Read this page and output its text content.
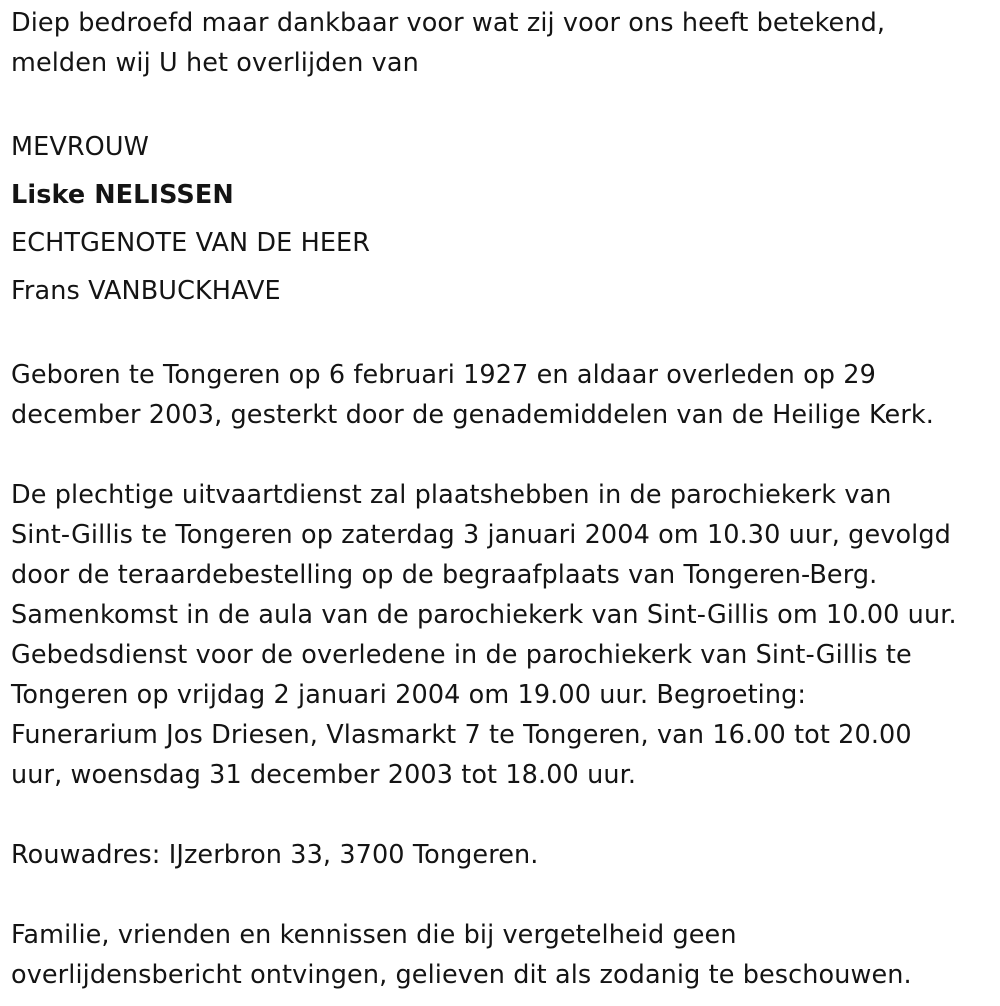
Diep bedroefd maar dankbaar voor wat zij voor ons heeft betekend,

melden wij U het overlijden van

MEVROUW

Liske NELISSEN

ECHTGENOTE VAN DE HEER

Frans VANBUCKHAVE

Geboren te Tongeren op 6 februari 1927 en aldaar overleden op 29

december 2003, gesterkt door de genademiddelen van de Heilige Kerk.

De plechtige uitvaartdienst zal plaatshebben in de parochiekerk van

Sint-Gillis te Tongeren op zaterdag 3 januari 2004 om 10.30 uur, gevolgd

door de teraardebestelling op de begraafplaats van Tongeren-Berg.

Samenkomst in de aula van de parochiekerk van Sint-Gillis om 10.00 uur.

Gebedsdienst voor de overledene in de parochiekerk van Sint-Gillis te

Tongeren op vrijdag 2 januari 2004 om 19.00 uur. Begroeting:

Funerarium Jos Driesen, Vlasmarkt 7 te Tongeren, van 16.00 tot 20.00

uur, woensdag 31 december 2003 tot 18.00 uur.

Rouwadres: IJzerbron 33, 3700 Tongeren.

Familie, vrienden en kennissen die bij vergetelheid geen

overlijdensbericht ontvingen, gelieven dit als zodanig te beschouwen.
